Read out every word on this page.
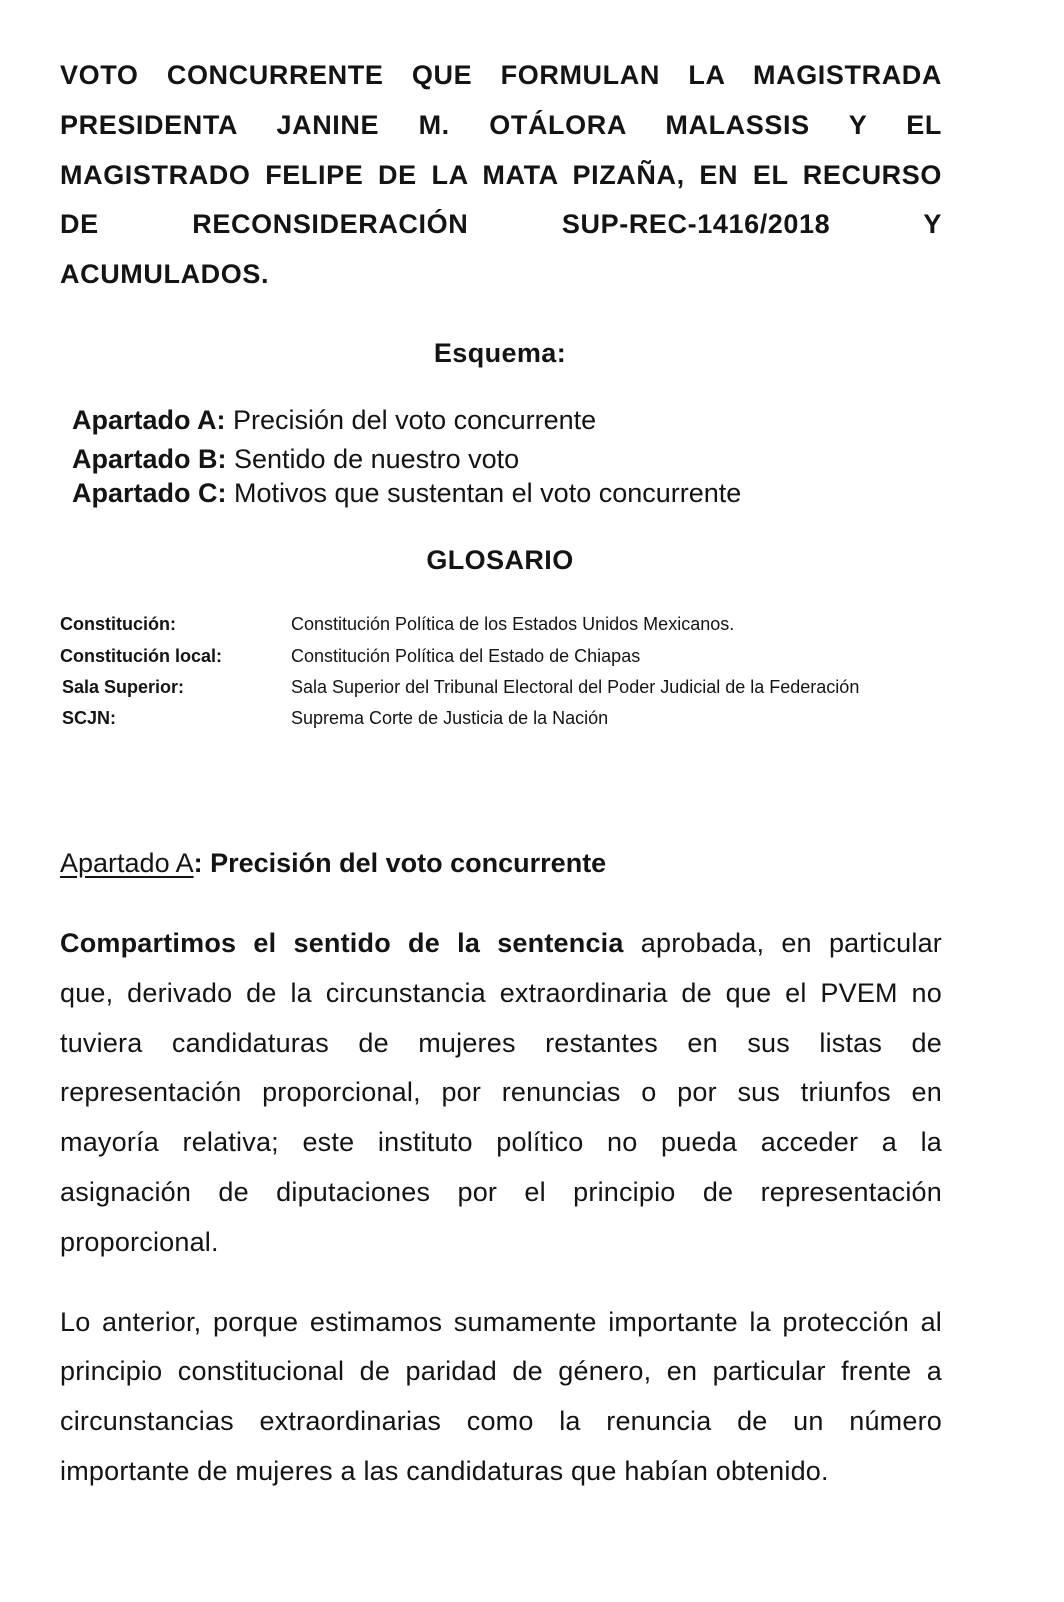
VOTO CONCURRENTE QUE FORMULAN LA MAGISTRADA
PRESIDENTA JANINE M. OTÁLORA MALASSIS Y EL
MAGISTRADO FELIPE DE LA MATA PIZAÑA, EN EL RECURSO
DE RECONSIDERACIÓN SUP-REC-1416/2018 Y
ACUMULADOS.
Esquema:
Apartado A: Precisión del voto concurrente
Apartado B: Sentido de nuestro voto
Apartado C: Motivos que sustentan el voto concurrente
GLOSARIO
Constitución:	Constitución Política de los Estados Unidos Mexicanos.
Constitución local:	Constitución Política del Estado de Chiapas
Sala Superior:	Sala Superior del Tribunal Electoral del Poder Judicial de la Federación
SCJN:	Suprema Corte de Justicia de la Nación
Apartado A: Precisión del voto concurrente
Compartimos el sentido de la sentencia aprobada, en particular
que, derivado de la circunstancia extraordinaria de que el PVEM no
tuviera candidaturas de mujeres restantes en sus listas de
representación proporcional, por renuncias o por sus triunfos en
mayoría relativa; este instituto político no pueda acceder a la
asignación de diputaciones por el principio de representación
proporcional.
Lo anterior, porque estimamos sumamente importante la protección al
principio constitucional de paridad de género, en particular frente a
circunstancias extraordinarias como la renuncia de un número
importante de mujeres a las candidaturas que habían obtenido.
